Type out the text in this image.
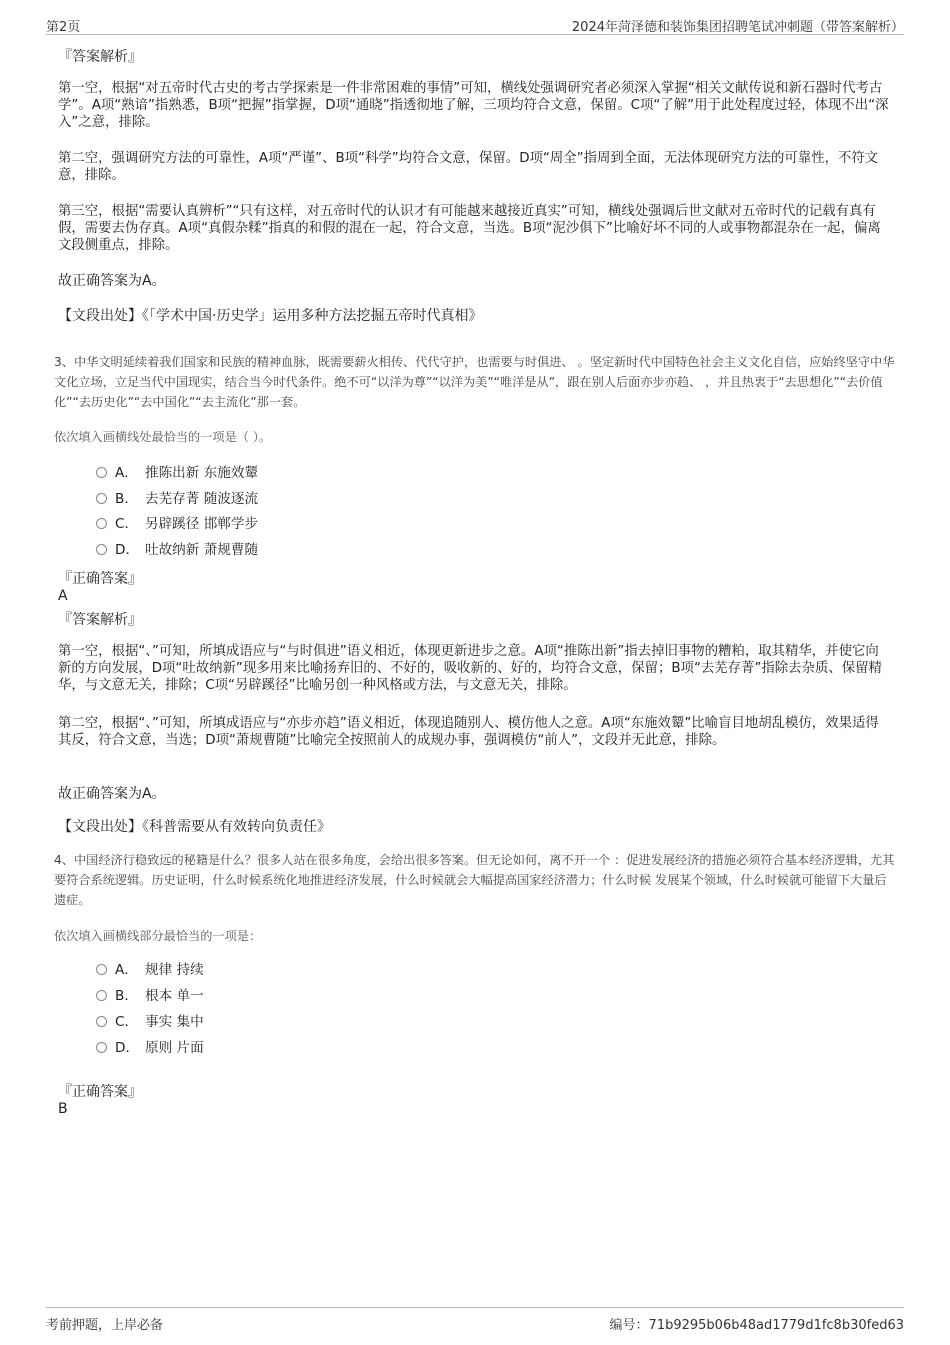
第2页	2024年菏泽德和装饰集团招聘笔试冲刺题（带答案解析）

『答案解析』

第一空，根据“对五帝时代古史的考古学探索是一件非常困难的事情”可知，横线处强调研究者必须深入掌握“相关文献传说和新石器时代考古学”。A项“熟谙”指熟悉，B项“把握”指掌握，D项“通晓”指透彻地了解，三项均符合文意，保留。C项“了解”用于此处程度过轻，体现不出“深入”之意，排除。

第二空，强调研究方法的可靠性，A项“严谨”、B项“科学”均符合文意，保留。D项“周全”指周到全面，无法体现研究方法的可靠性，不符文意，排除。

第三空，根据“需要认真辨析”“只有这样，对五帝时代的认识才有可能越来越接近真实”可知，横线处强调后世文献对五帝时代的记载有真有假，需要去伪存真。A项“真假杂糅”指真的和假的混在一起，符合文意，当选。B项“泥沙俱下”比喻好坏不同的人或事物都混杂在一起，偏离文段侧重点，排除。

故正确答案为A。

【文段出处】《「学术中国·历史学」运用多种方法挖掘五帝时代真相》

3、中华文明延续着我们国家和民族的精神血脉，既需要薪火相传、代代守护，也需要与时俱进、 。坚定新时代中国特色社会主义文化自信，应始终坚守中华文化立场，立足当代中国现实，结合当今时代条件。绝不可“以洋为尊”“以洋为美”“唯洋是从”，跟在别人后面亦步亦趋、 ，并且热衷于“去思想化”“去价值化”“去历史化”“去中国化”“去主流化”那一套。

依次填入画横线处最恰当的一项是（ ）。

A． 推陈出新 东施效颦
B． 去芜存菁 随波逐流
C． 另辟蹊径 邯郸学步
D． 吐故纳新 萧规曹随

『正确答案』

A

『答案解析』

第一空，根据“、”可知，所填成语应与“与时俱进”语义相近，体现更新进步之意。A项“推陈出新”指去掉旧事物的糟粕，取其精华，并使它向新的方向发展，D项“吐故纳新”现多用来比喻扬弃旧的、不好的，吸收新的、好的，均符合文意，保留；B项“去芜存菁”指除去杂质、保留精华，与文意无关，排除；C项“另辟蹊径”比喻另创一种风格或方法，与文意无关，排除。

第二空，根据“、”可知，所填成语应与“亦步亦趋”语义相近，体现追随别人、模仿他人之意。A项“东施效颦”比喻盲目地胡乱模仿，效果适得其反，符合文意，当选；D项“萧规曹随”比喻完全按照前人的成规办事，强调模仿“前人”，文段并无此意，排除。

故正确答案为A。

【文段出处】《科普需要从有效转向负责任》

4、中国经济行稳致远的秘籍是什么？很多人站在很多角度，会给出很多答案。但无论如何，离不开一个 ：促进发展经济的措施必须符合基本经济逻辑，尤其要符合系统逻辑。历史证明，什么时候系统化地推进经济发展，什么时候就会大幅提高国家经济潜力；什么时候 发展某个领域，什么时候就可能留下大量后遗症。

依次填入画横线部分最恰当的一项是：

A． 规律 持续
B． 根本 单一
C． 事实 集中
D． 原则 片面

『正确答案』

B
考前押题，上岸必备	编号：71b9295b06b48ad1779d1fc8b30fed63
